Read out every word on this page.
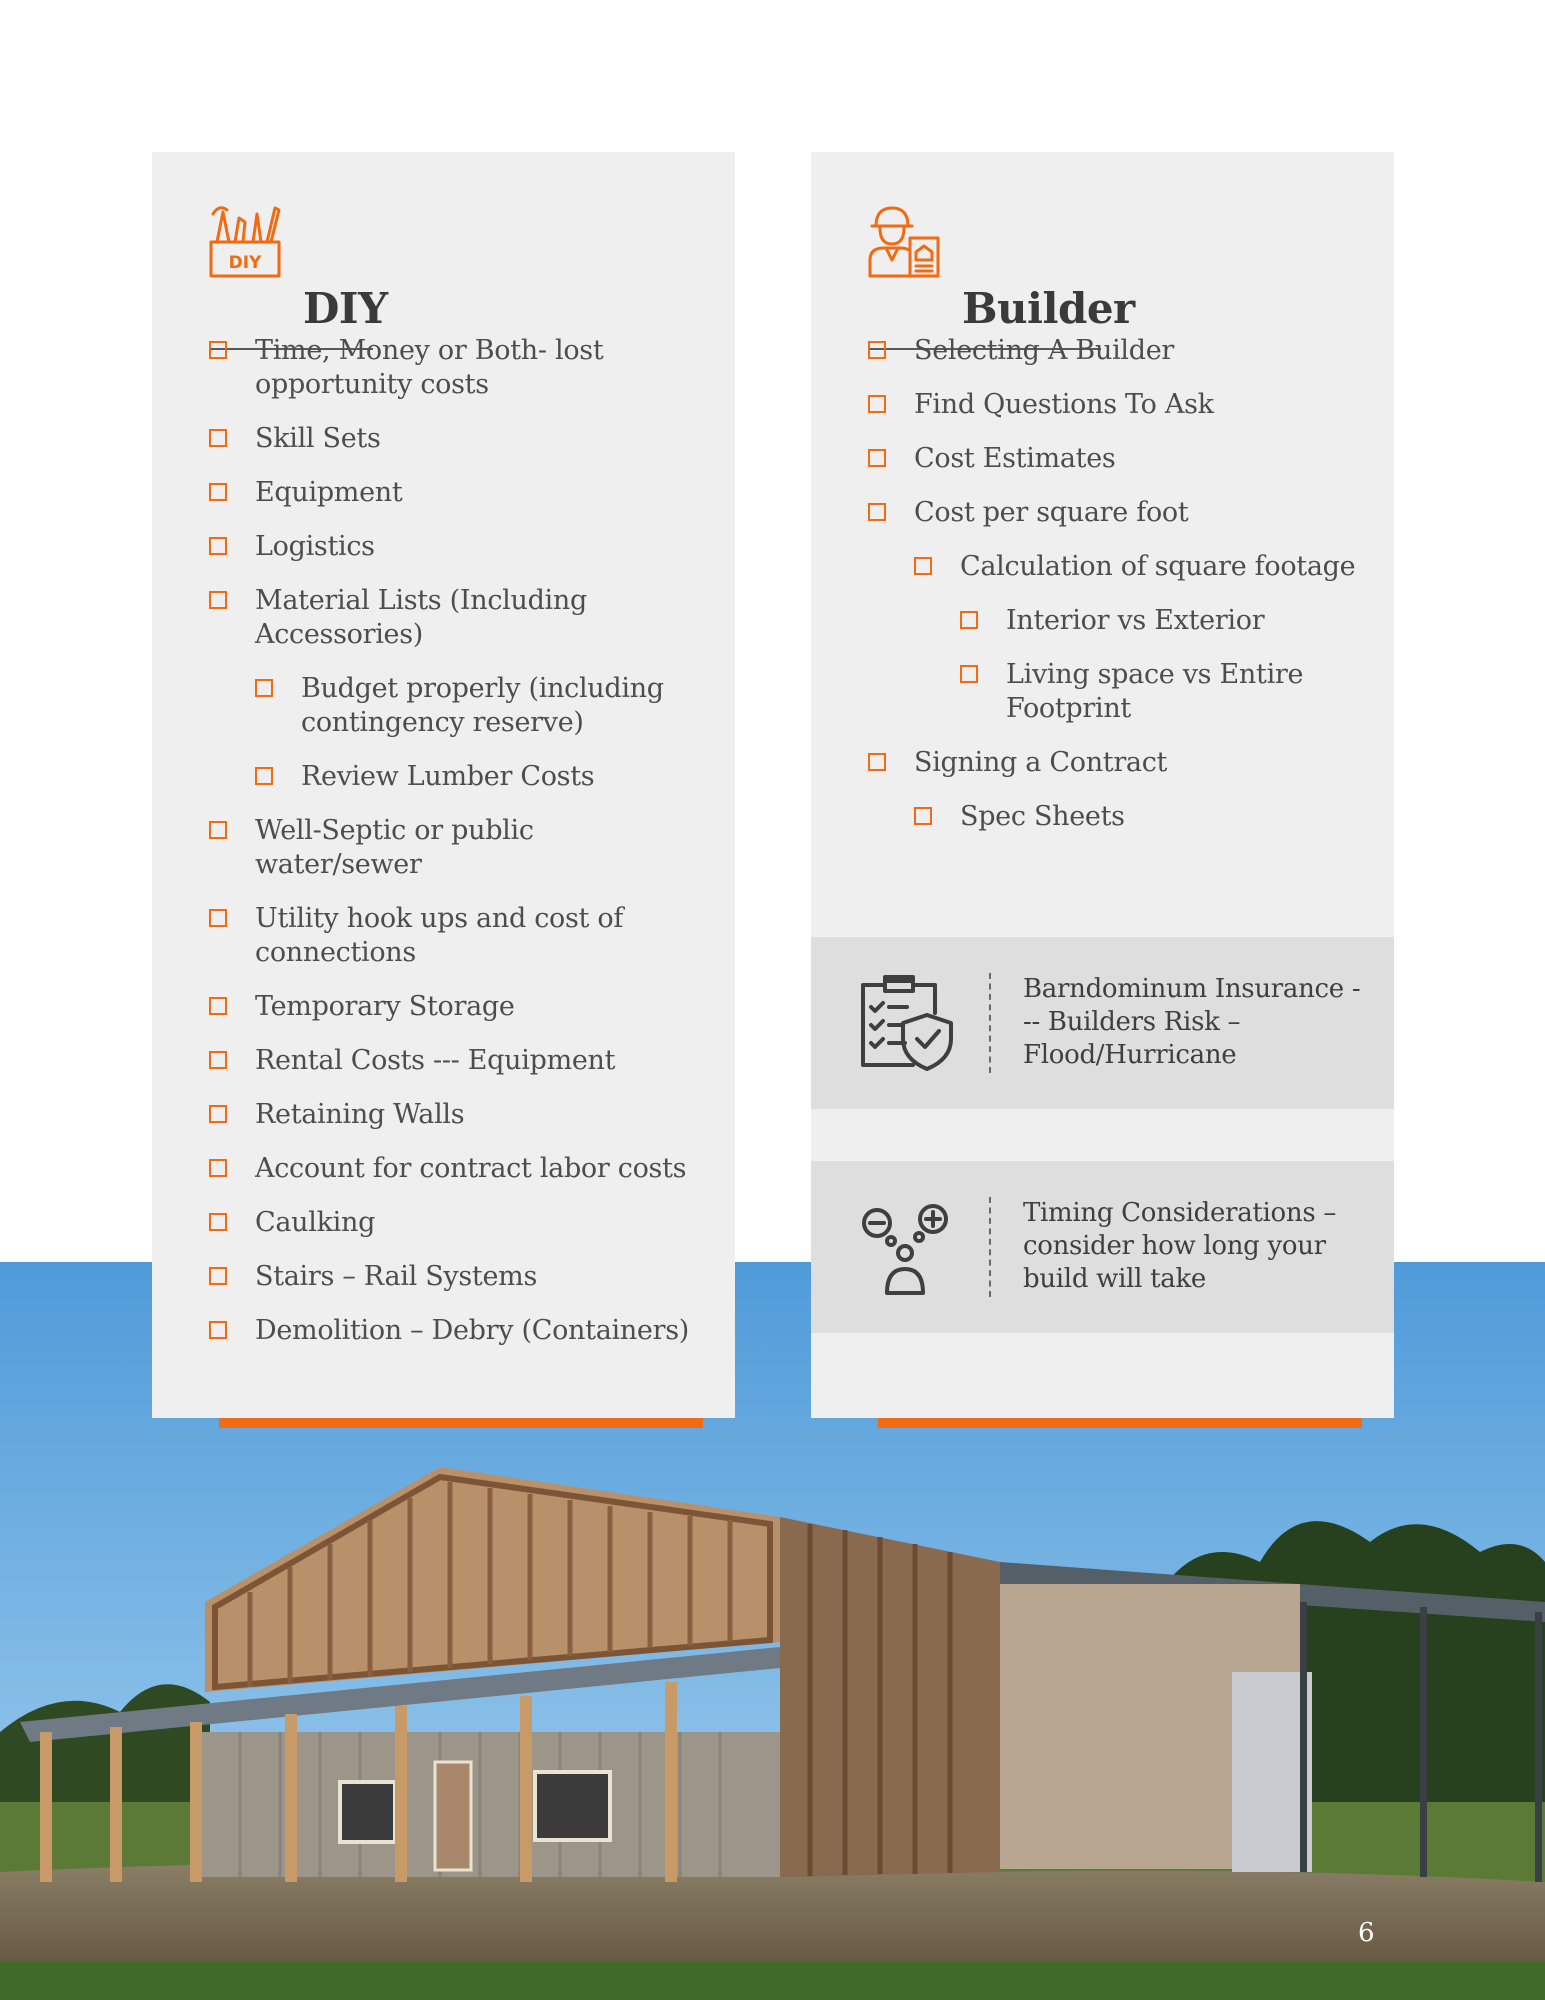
DIY
DIY
Time, Money or Both- lost opportunity costs
Skill Sets
Equipment
Logistics
Material Lists (Including Accessories)
Budget properly (including contingency reserve)
Review Lumber Costs
Well-Septic or public water/sewer
Utility hook ups and cost of connections
Temporary Storage
Rental Costs --- Equipment
Retaining Walls
Account for contract labor costs
Caulking
Stairs – Rail Systems
Demolition – Debry (Containers)
Builder
Selecting A Builder
Find Questions To Ask
Cost Estimates
Cost per square foot
Calculation of square footage
Interior vs Exterior
Living space vs Entire Footprint
Signing a Contract
Spec Sheets
Barndominum Insurance --- Builders Risk – Flood/Hurricane
Timing Considerations – consider how long your build will take
6
